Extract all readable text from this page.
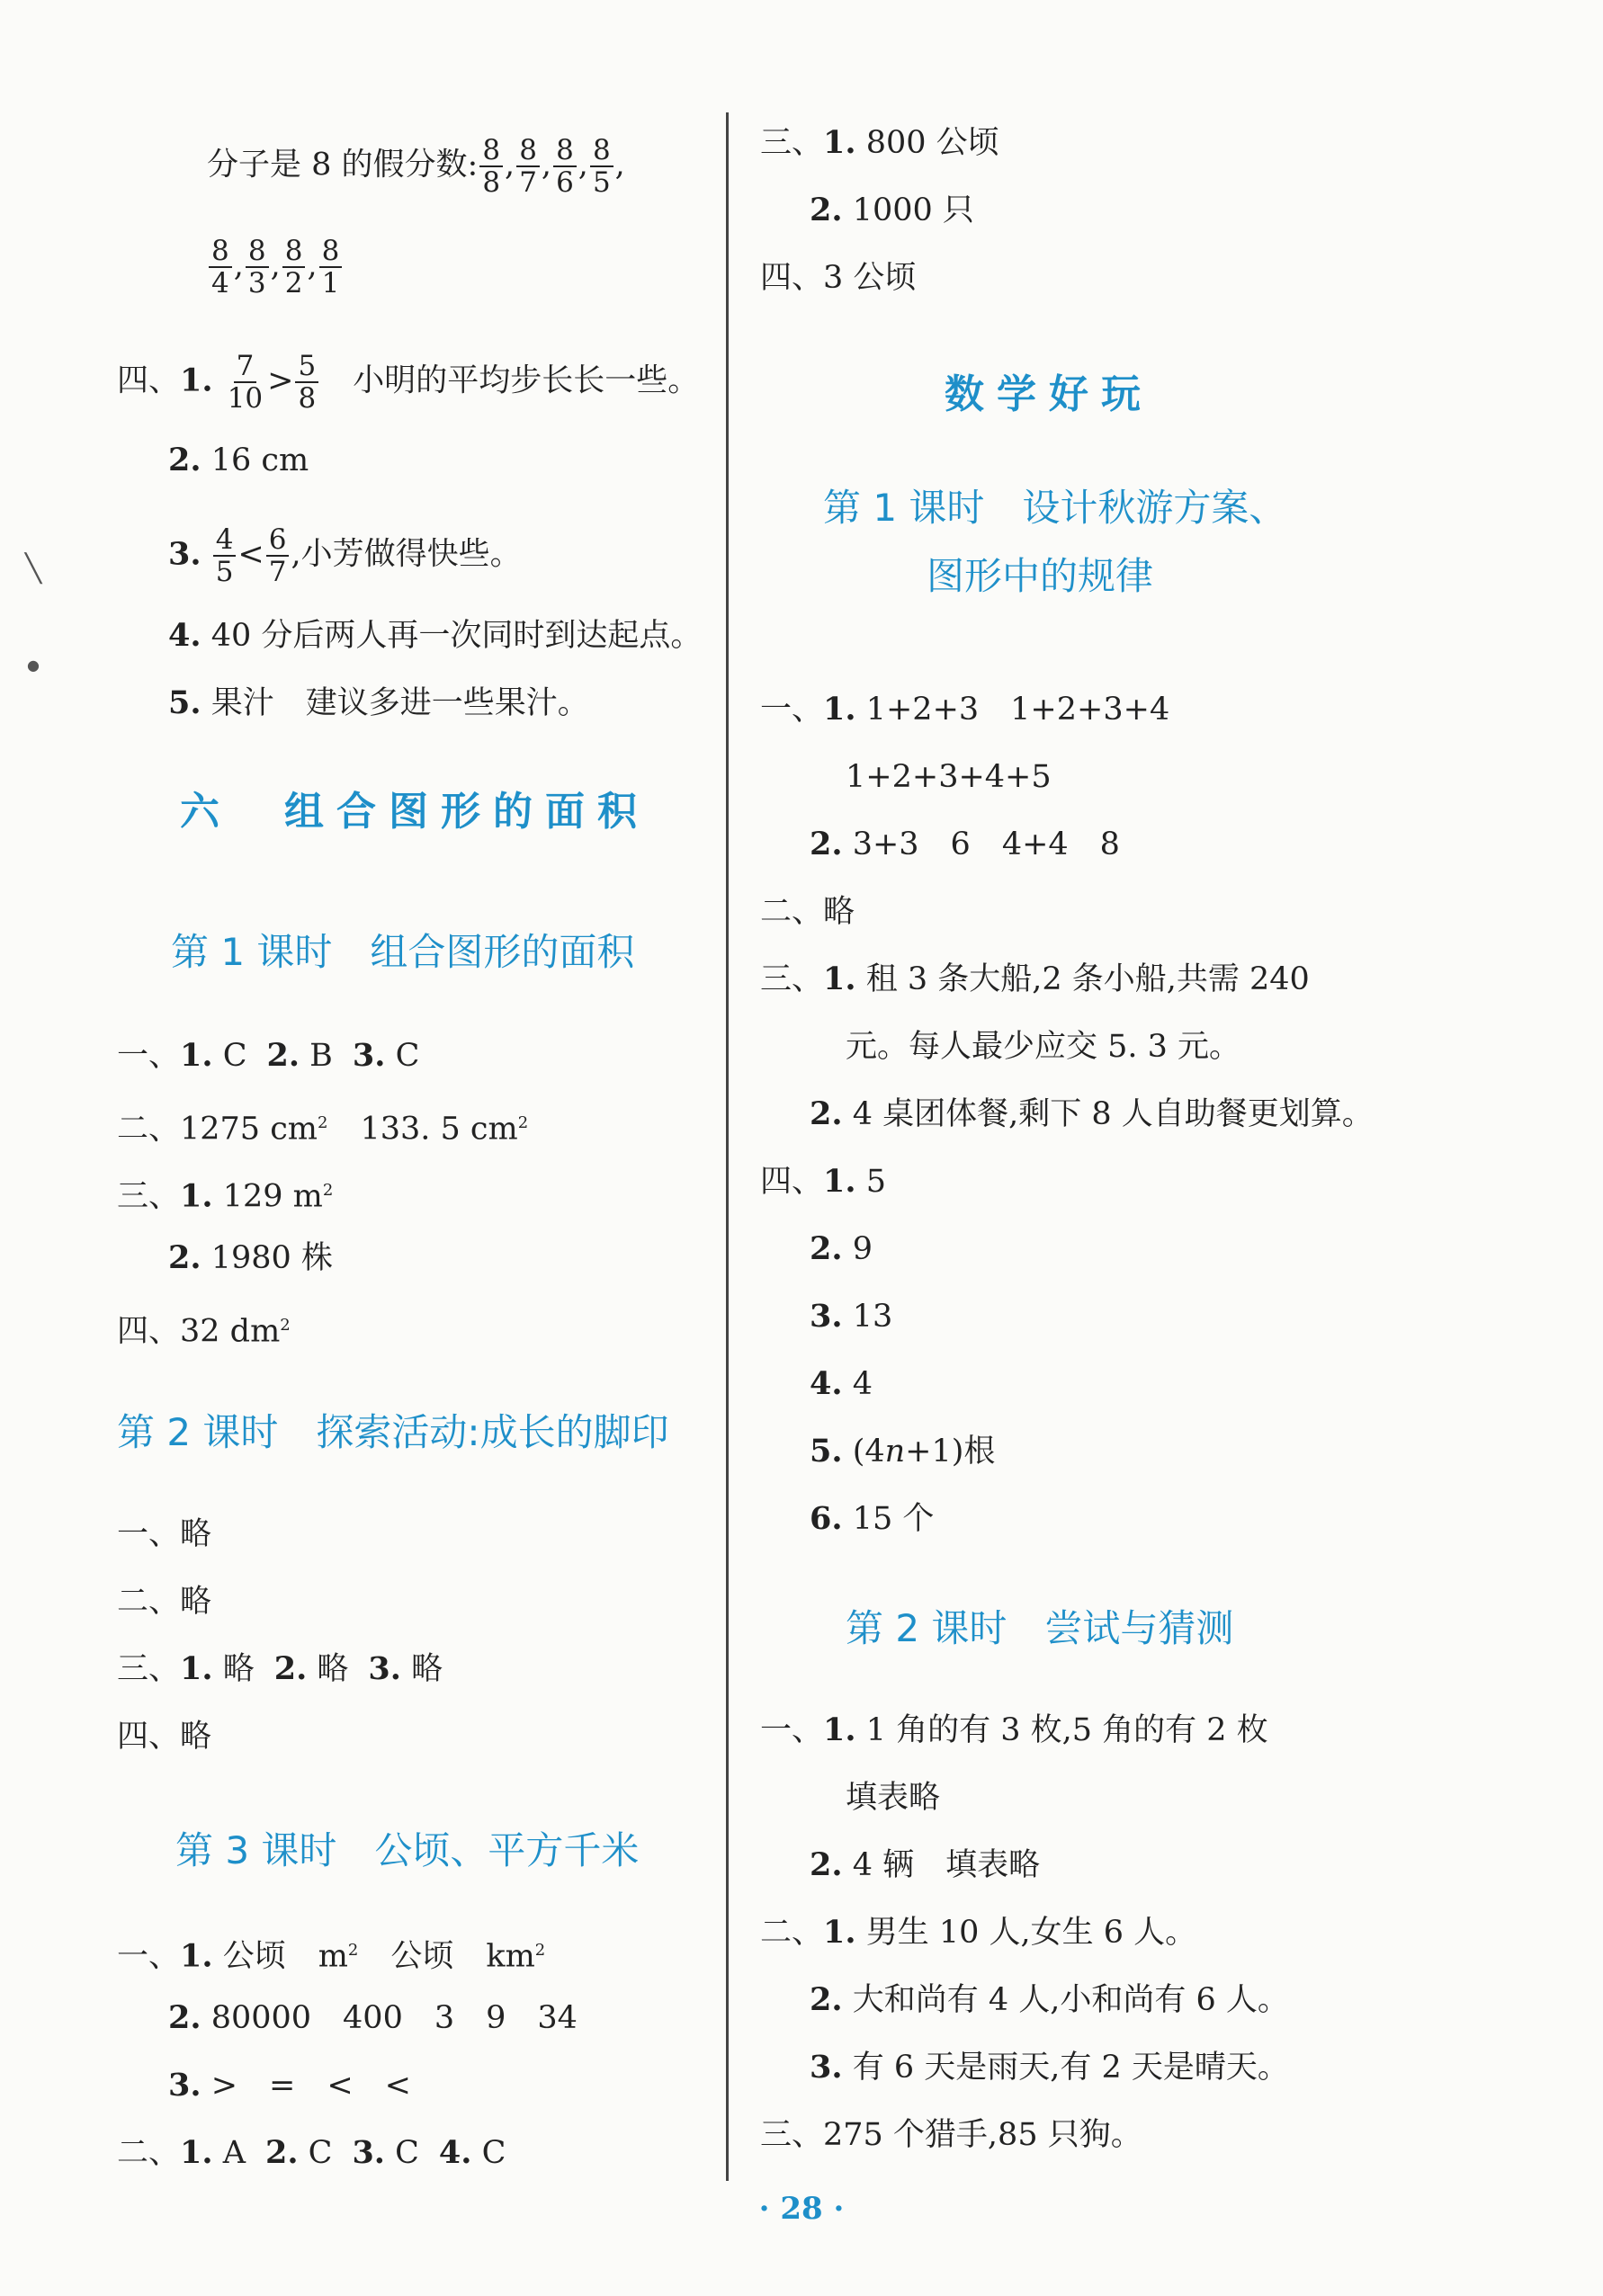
分子是 8 的假分数: $\frac{8}{8}$ , $\frac{8}{7}$ , $\frac{8}{6}$ , $\frac{8}{5}$ ,
$\frac{8}{4}$ , $\frac{8}{3}$ , $\frac{8}{2}$ , $\frac{8}{1}$
四、1. $\frac{7}{10} > \frac{5}{8}$ 小明的平均步长长一些。
2. 16 cm
3. $\frac{4}{5} < \frac{6}{7}$ ,小芳做得快些。
4. 40 分后两人再一次同时到达起点。
5. 果汁　建议多进一些果汁。
六　组合图形的面积
第 1 课时　组合图形的面积
一、1. C 2. B 3. C
二、1275 $cm^2$ 133. 5 $cm^2$
三、1. 129 $m^2$
2. 1980 株
四、32 $dm^2$
第 2 课时　探索活动:成长的脚印
一、略
二、略
三、1. 略 2. 略 3. 略
四、略
第 3 课时　公顷、平方千米
一、1. 公顷 $m^2$ 公顷 $km^2$
2. 80000　400　3　9　34
3. >　=　<　<
二、1. A 2. C 3. C 4. C
三、1. 800 公顷
2. 1000 只
四、3 公顷
数学好玩
第 1 课时　设计秋游方案、
图形中的规律
一、1. 1+2+3　1+2+3+4
1+2+3+4+5
2. 3+3　6　4+4　8
二、略
三、1. 租 3 条大船,2 条小船,共需 240
元。每人最少应交 5. 3 元。
2. 4 桌团体餐,剩下 8 人自助餐更划算。
四、1. 5
2. 9
3. 13
4. 4
5. (4n+1)根
6. 15 个
第 2 课时　尝试与猜测
一、1. 1 角的有 3 枚,5 角的有 2 枚
填表略
2. 4 辆　填表略
二、1. 男生 10 人,女生 6 人。
2. 大和尚有 4 人,小和尚有 6 人。
3. 有 6 天是雨天,有 2 天是晴天。
三、275 个猎手,85 只狗。
╲
●
· 28 ·
